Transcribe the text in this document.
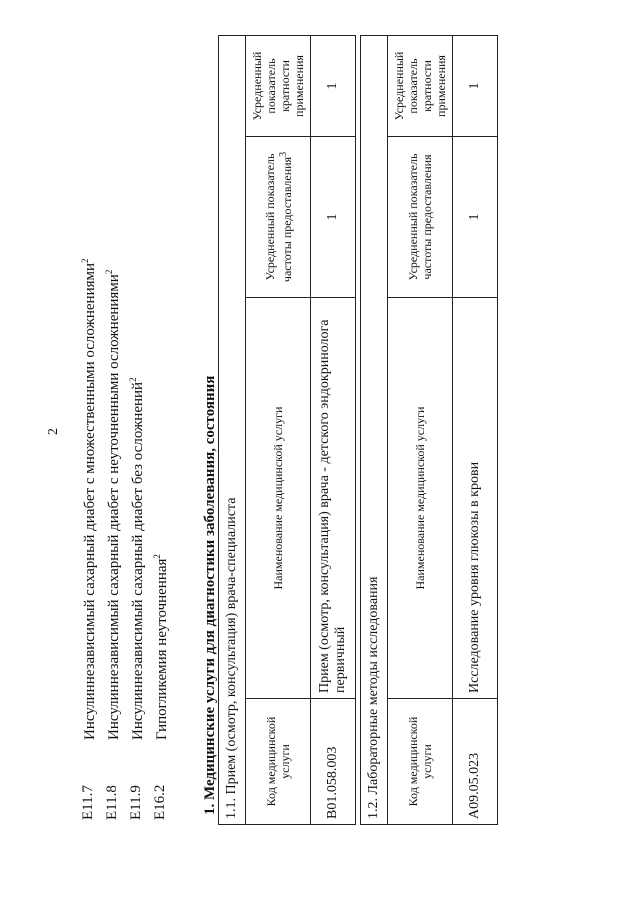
2
E11.7
Инсулиннезависимый сахарный диабет с множественными осложнениями$^2$
E11.8
Инсулиннезависимый сахарный диабет с неуточненными осложнениями$^2$
E11.9
Инсулиннезависимый сахарный диабет без осложнений$^2$
E16.2
Гипогликемия неуточненная$^2$	1. Медицинские услуги для диагностики заболевания, состояния 1.1. Прием (осмотр, консультация) врача-специалиста			
Код медицинской услуги	Наименование медицинской услуги	Усредненный показатель частоты предоставления$^3$	Усредненный показатель кратности применения
B01.058.003	Прием (осмотр, консультация) врача - детского эндокринолога первичный	1	1
1.2. Лабораторные методы исследования			
Код медицинской услуги	Наименование медицинской услуги	Усредненный показатель частоты предоставления	Усредненный показатель кратности применения
A09.05.023	Исследование уровня глюкозы в крови	1	1
